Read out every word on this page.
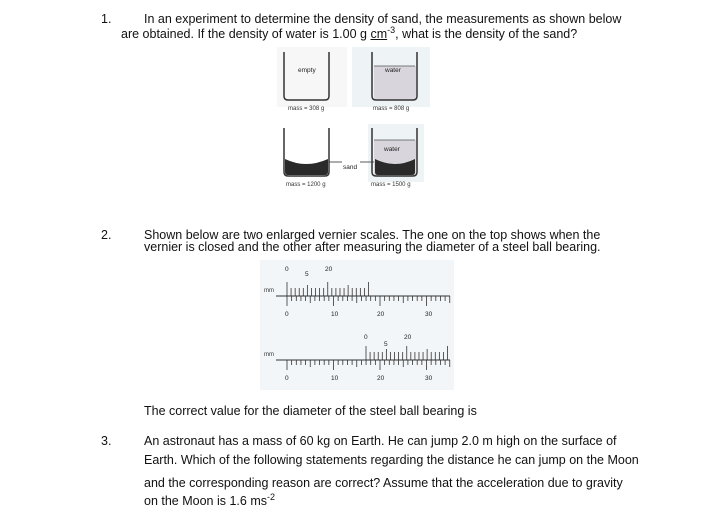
1.	In an experiment to determine the density of sand, the measurements as shown below
are obtained. If the density of water is 1.00 g $cm^{-3}$, what is the density of the sand?
empty
mass = 308 g
water
mass = 808 g
sand
mass = 1200 g
water
mass = 1500 g
2.	Shown below are two enlarged vernier scales. The one on the top shows when the
vernier is closed and the other after measuring the diameter of a steel ball bearing.
mm
0
5
20
0	10	20	30
mm
0
5
20
0	10	20	30
The correct value for the diameter of the steel ball bearing is
3.	An astronaut has a mass of 60 kg on Earth. He can jump 2.0 m high on the surface of
Earth. Which of the following statements regarding the distance he can jump on the Moon
and the corresponding reason are correct? Assume that the acceleration due to gravity
on the Moon is 1.6 $ms^{-2}$
